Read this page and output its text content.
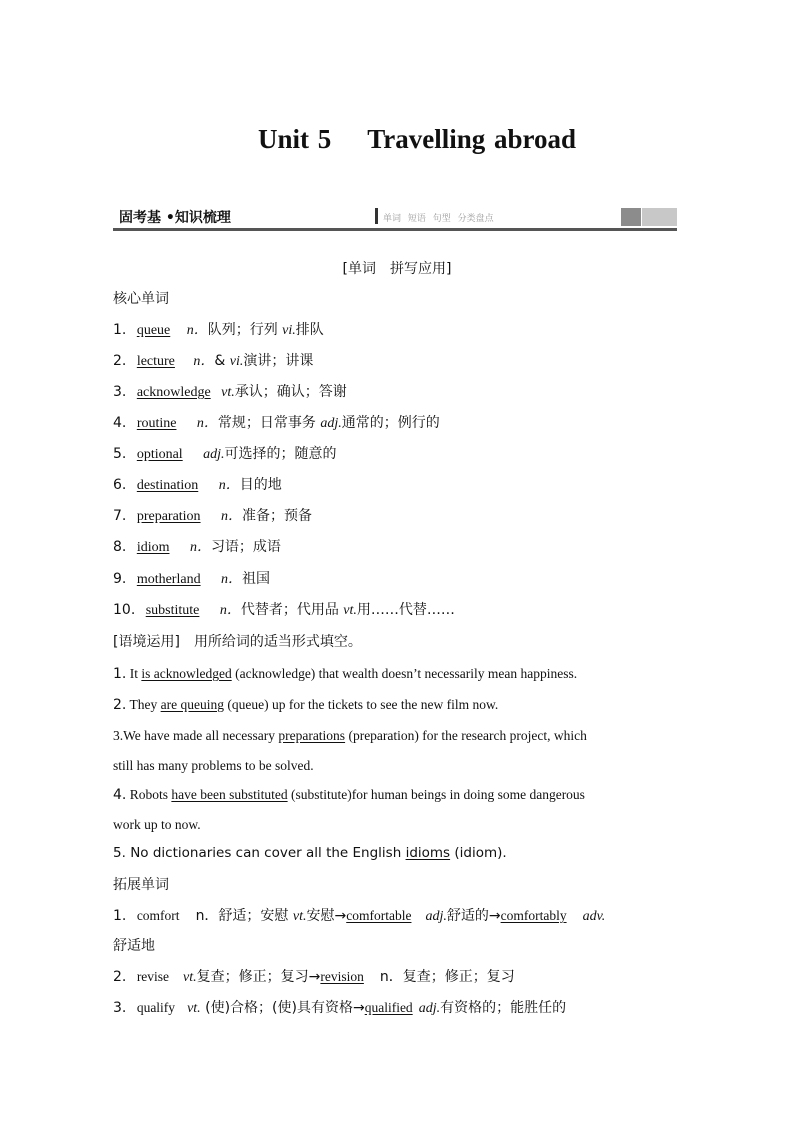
Unit 5 Travelling abroad
固考基 •知识梳理	单词 短语 句型 分类盘点
[单词　拼写应用]
核心单词
1. queue n．队列；行列 vi.排队
2. lecture n．& vi.演讲；讲课
3. acknowledge vt.承认；确认；答谢
4. routine n．常规；日常事务 adj.通常的；例行的
5. optional adj.可选择的；随意的
6. destination n．目的地
7. preparation n．准备；预备
8. idiom n．习语；成语
9. motherland n．祖国
10. substitute n．代替者；代用品 vt.用……代替……
[语境运用] 用所给词的适当形式填空。
1. It is acknowledged (acknowledge) that wealth doesn’t necessarily mean happiness.
2. They are queuing (queue) up for the tickets to see the new film now.
3.We have made all necessary preparations (preparation) for the research project, which
still has many problems to be solved.
4. Robots have been substituted (substitute)for human beings in doing some dangerous
work up to now.
5. No dictionaries can cover all the English idioms (idiom).
拓展单词
1. comfort n．舒适；安慰 vt.安慰→comfortable adj.舒适的→comfortably adv.
舒适地
2. revise vt.复查；修正；复习→revision n．复查；修正；复习
3. qualify vt. (使)合格；(使)具有资格→qualified adj.有资格的；能胜任的
